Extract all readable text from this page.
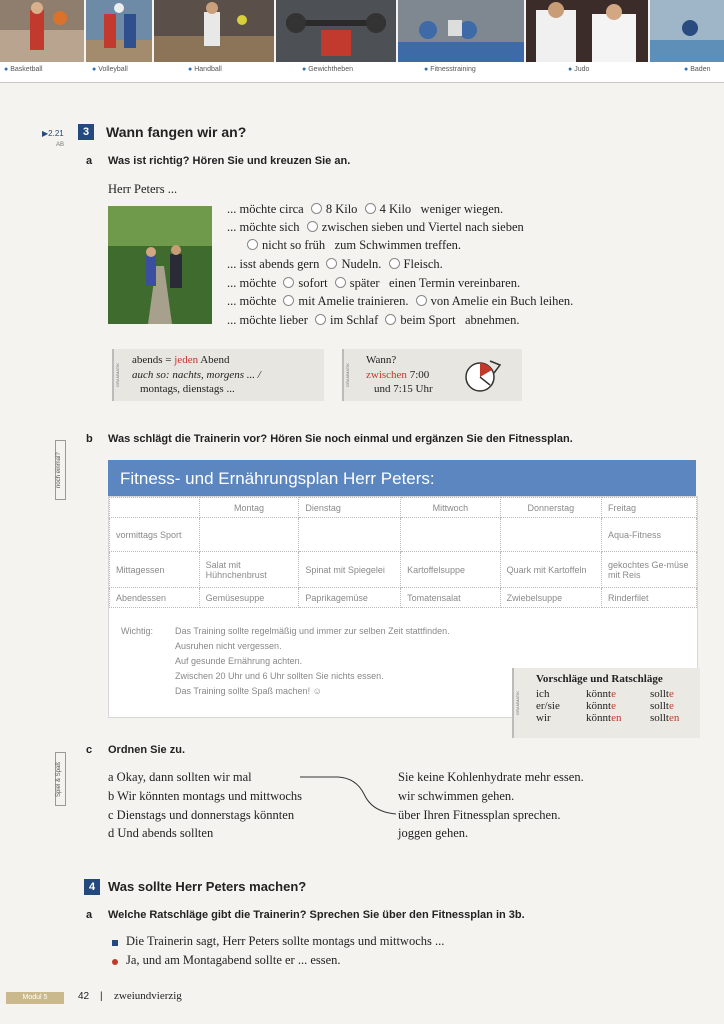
● Basketball	● Volleyball	● Handball	● Gewichtheben	● Fitnesstraining	● Judo	● Baden
▶2.21
AB
3	Wann fangen wir an?
a Was ist richtig? Hören Sie und kreuzen Sie an.
Herr Peters ...
... möchte circa 8 Kilo 4 Kilo weniger wiegen.
... möchte sich zwischen sieben und Viertel nach sieben
nicht so früh zum Schwimmen treffen.
... isst abends gern Nudeln. Fleisch.
... möchte sofort später einen Termin vereinbaren.
... möchte mit Amelie trainieren. von Amelie ein Buch leihen.
... möchte lieber im Schlaf beim Sport abnehmen.
GRAMMATIK
abends = jeden Abend
auch so: nachts, morgens ... /
montags, dienstags ...
GRAMMATIK
Wann?
zwischen 7:00
und 7:15 Uhr
noch einmal?
b Was schlägt die Trainerin vor? Hören Sie noch einmal und ergänzen Sie den Fitnessplan.
Fitness- und Ernährungsplan Herr Peters:
	Montag	Dienstag	Mittwoch	Donnerstag	Freitag
vormittags Sport					Aqua-Fitness
Mittagessen	Salat mit Hühnchenbrust	Spinat mit Spiegelei	Kartoffelsuppe	Quark mit Kartoffeln	gekochtes Ge-müse mit Reis
Abendessen	Gemüsesuppe	Paprikagemüse	Tomatensalat	Zwiebelsuppe	Rinderfilet
Wichtig: Das Training sollte regelmäßig und immer zur selben Zeit stattfinden.
Ausruhen nicht vergessen.
Auf gesunde Ernährung achten.
Zwischen 20 Uhr und 6 Uhr sollten Sie nichts essen.
Das Training sollte Spaß machen! ☺
GRAMMATIK
Vorschläge und Ratschläge
ich	könnte	sollte
er/sie	könnte	sollte
wir	könnten	sollten
Spiel & Spaß
c Ordnen Sie zu.
a Okay, dann sollten wir mal
b Wir könnten montags und mittwochs
c Dienstags und donnerstags könnten
d Und abends sollten
Sie keine Kohlenhydrate mehr essen.
wir schwimmen gehen.
über Ihren Fitnessplan sprechen.
joggen gehen.
4 Was sollte Herr Peters machen?
a Welche Ratschläge gibt die Trainerin? Sprechen Sie über den Fitnessplan in 3b.
Die Trainerin sagt, Herr Peters sollte montags und mittwochs ...
Ja, und am Montagabend sollte er ... essen.
Modul 5	42 | zweiundvierzig
